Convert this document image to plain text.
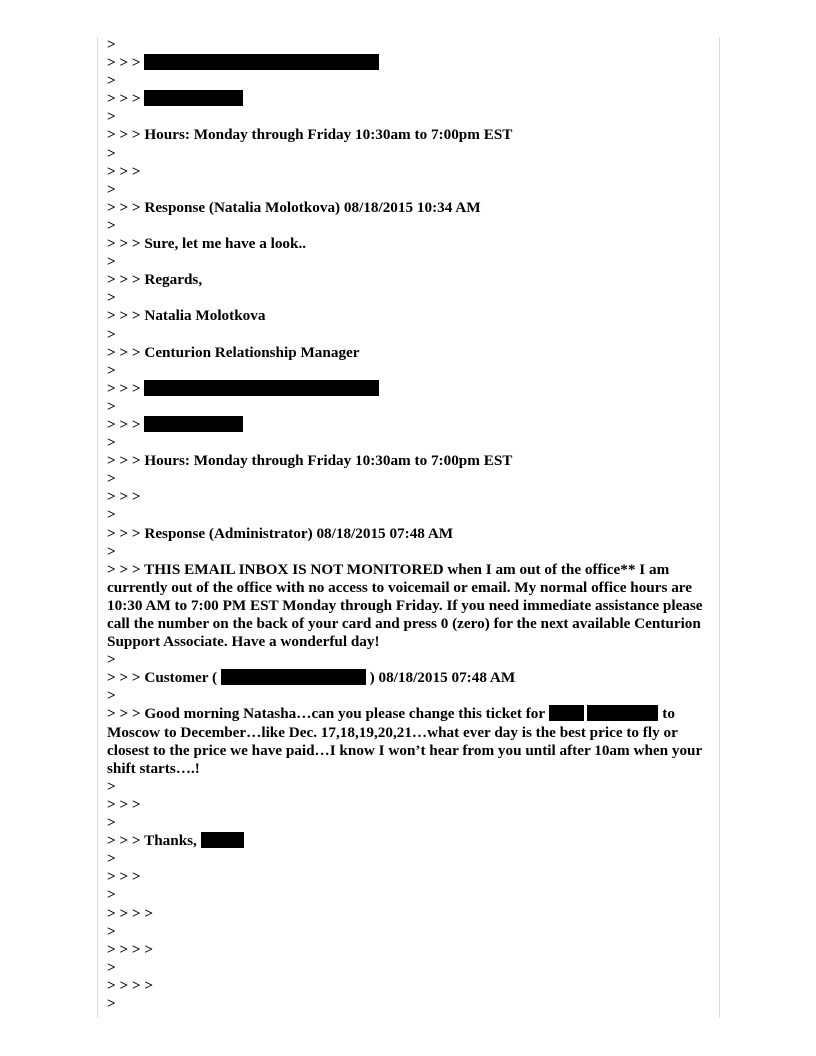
>
> > >
>
> > >
>
> > > Hours: Monday through Friday 10:30am to 7:00pm EST
>
> > >
>
> > > Response (Natalia Molotkova) 08/18/2015 10:34 AM
>
> > > Sure, let me have a look..
>
> > > Regards,
>
> > > Natalia Molotkova
>
> > > Centurion Relationship Manager
>
> > >
>
> > >
>
> > > Hours: Monday through Friday 10:30am to 7:00pm EST
>
> > >
>
> > > Response (Administrator) 08/18/2015 07:48 AM
>
> > > THIS EMAIL INBOX IS NOT MONITORED when I am out of the office** I am currently out of the office with no access to voicemail or email. My normal office hours are 10:30 AM to 7:00 PM EST Monday through Friday. If you need immediate assistance please call the number on the back of your card and press 0 (zero) for the next available Centurion Support Associate. Have a wonderful day!
>
> > > Customer (	) 08/18/2015 07:48 AM
>
> > > Good morning Natasha…can you please change this ticket for	to Moscow to December…like Dec. 17,18,19,20,21…what ever day is the best price to fly or closest to the price we have paid…I know I won’t hear from you until after 10am when your shift starts….!
>
> > >
>
> > > Thanks,
>
> > >
>
> > > >
>
> > > >
>
> > > >
>
